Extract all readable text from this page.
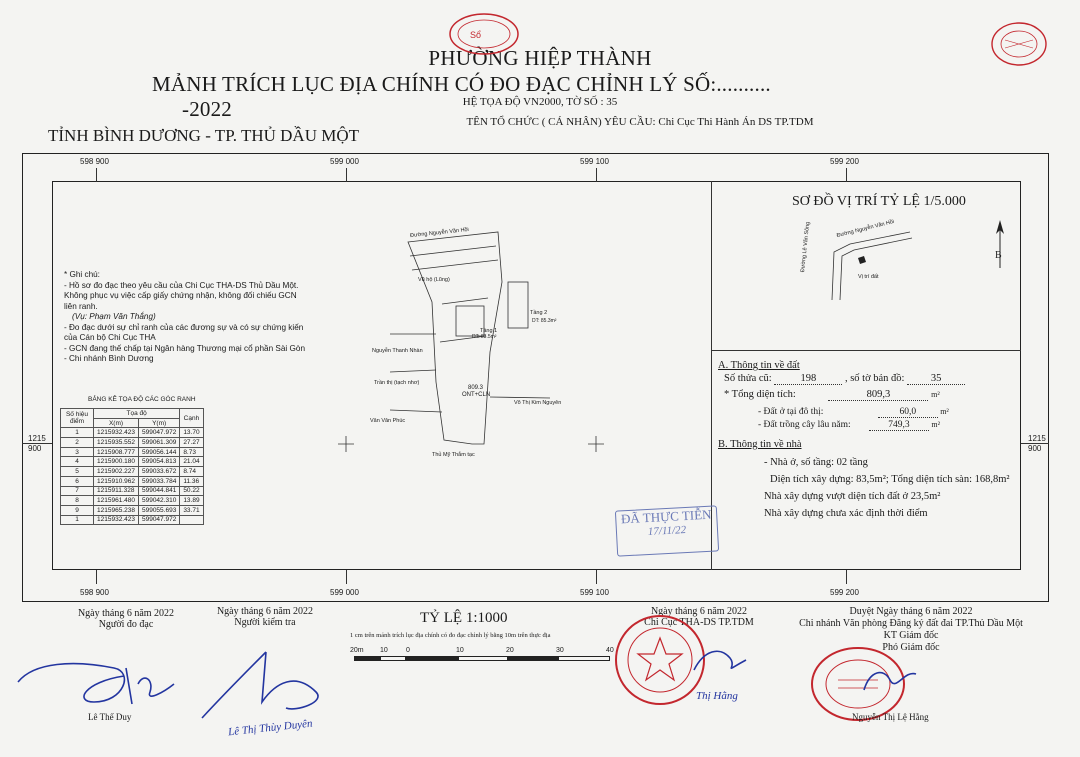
PHƯỜNG HIỆP THÀNH
MẢNH TRÍCH LỤC ĐỊA CHÍNH CÓ ĐO ĐẠC CHỈNH LÝ SỐ:.......... -2022	HỆ TỌA ĐỘ VN2000, TỜ SỐ : 35
TÊN TỔ CHỨC ( CÁ NHÂN) YÊU CẦU: Chi Cục Thi Hành Án DS TP.TDM
TỈNH BÌNH DƯƠNG - TP. THỦ DẦU MỘT
Sổ
598 900	599 000	599 100	599 200
598 900	599 000	599 100	599 200
1215
900
1215
900
* Ghi chú:
- Hồ sơ đo đạc theo yêu cầu của Chi Cục THA-DS Thủ Dầu Một.
Không phục vụ việc cấp giấy chứng nhận, không đối chiếu GCN
liên ranh.
(Vụ: Phạm Văn Thắng)
- Đo đạc dưới sự chỉ ranh của các đương sự và có sự chứng kiến
của Cán bộ Chi Cục THA
- GCN đang thế chấp tại Ngân hàng Thương mại cổ phần Sài Gòn
- Chi nhánh Bình Dương
BẢNG KÊ TỌA ĐỘ CÁC GÓC RANH
Số hiệu điểm	Tọa độ		Cạnh
	X(m)	Y(m)	
1	1215932.423	599047.972	13.70
2	1215935.552	599061.309	27.27
3	1215908.777	599056.144	8.73
4	1215900.180	599054.813	21.04
5	1215902.227	599033.672	8.74
6	1215910.962	599033.784	11.36
7	1215911.328	599044.841	50.22
8	1215961.480	599042.310	13.89
9	1215965.238	599055.693	33.71
1	1215932.423	599047.972	
Đường Nguyễn Văn Hồi
Vũ hộ (Lũng)
Tầng 1
Tầng 2
Nguyễn Thanh Nhàn
Trần thị (tạch nhơ)
Võ Thị Kim Nguyên
Văn Văn Phúc
Thủ Mỹ Thắm tạc
809.3
ONT+CLN
DT: 83.5m²
DT: 85.3m²
SƠ ĐỒ VỊ TRÍ TỶ LỆ 1/5.000
Đường Nguyễn Văn Hồi
Đường Lê Văn Sông
Vị trí đất
B
A. Thông tin về đất
Số thửa cũ:	198	, số tờ bản đồ:	35
* Tổng diện tích:	809,3	m²
- Đất ở tại đô thị:	60,0	m²
- Đất trồng cây lâu năm:	749,3	m²
B. Thông tin về nhà
- Nhà ở, số tầng: 02 tầng
Diện tích xây dựng: 83,5m²; Tổng diện tích sàn: 168,8m²
Nhà xây dựng vượt diện tích đất ở 23,5m²
Nhà xây dựng chưa xác định thời điểm
ĐÃ THỰC TIỄN
17/11/22
TỶ LỆ 1:1000
1 cm trên mảnh trích lục địa chính có đo đạc chỉnh lý bằng 10m trên thực địa
20m 10	0	10	20	30	40
Ngày tháng 6 năm 2022
Người đo đạc
Lê Thế Duy
Ngày tháng 6 năm 2022
Người kiểm tra
Lê Thị Thùy Duyên
Ngày tháng 6 năm 2022
Chi Cục THA-DS TP.TDM
Thị Hằng
Duyệt Ngày tháng 6 năm 2022
Chi nhánh Văn phòng Đăng ký đất đai TP.Thủ Dầu Một
KT Giám đốc
Phó Giám đốc
Nguyễn Thị Lệ Hằng
